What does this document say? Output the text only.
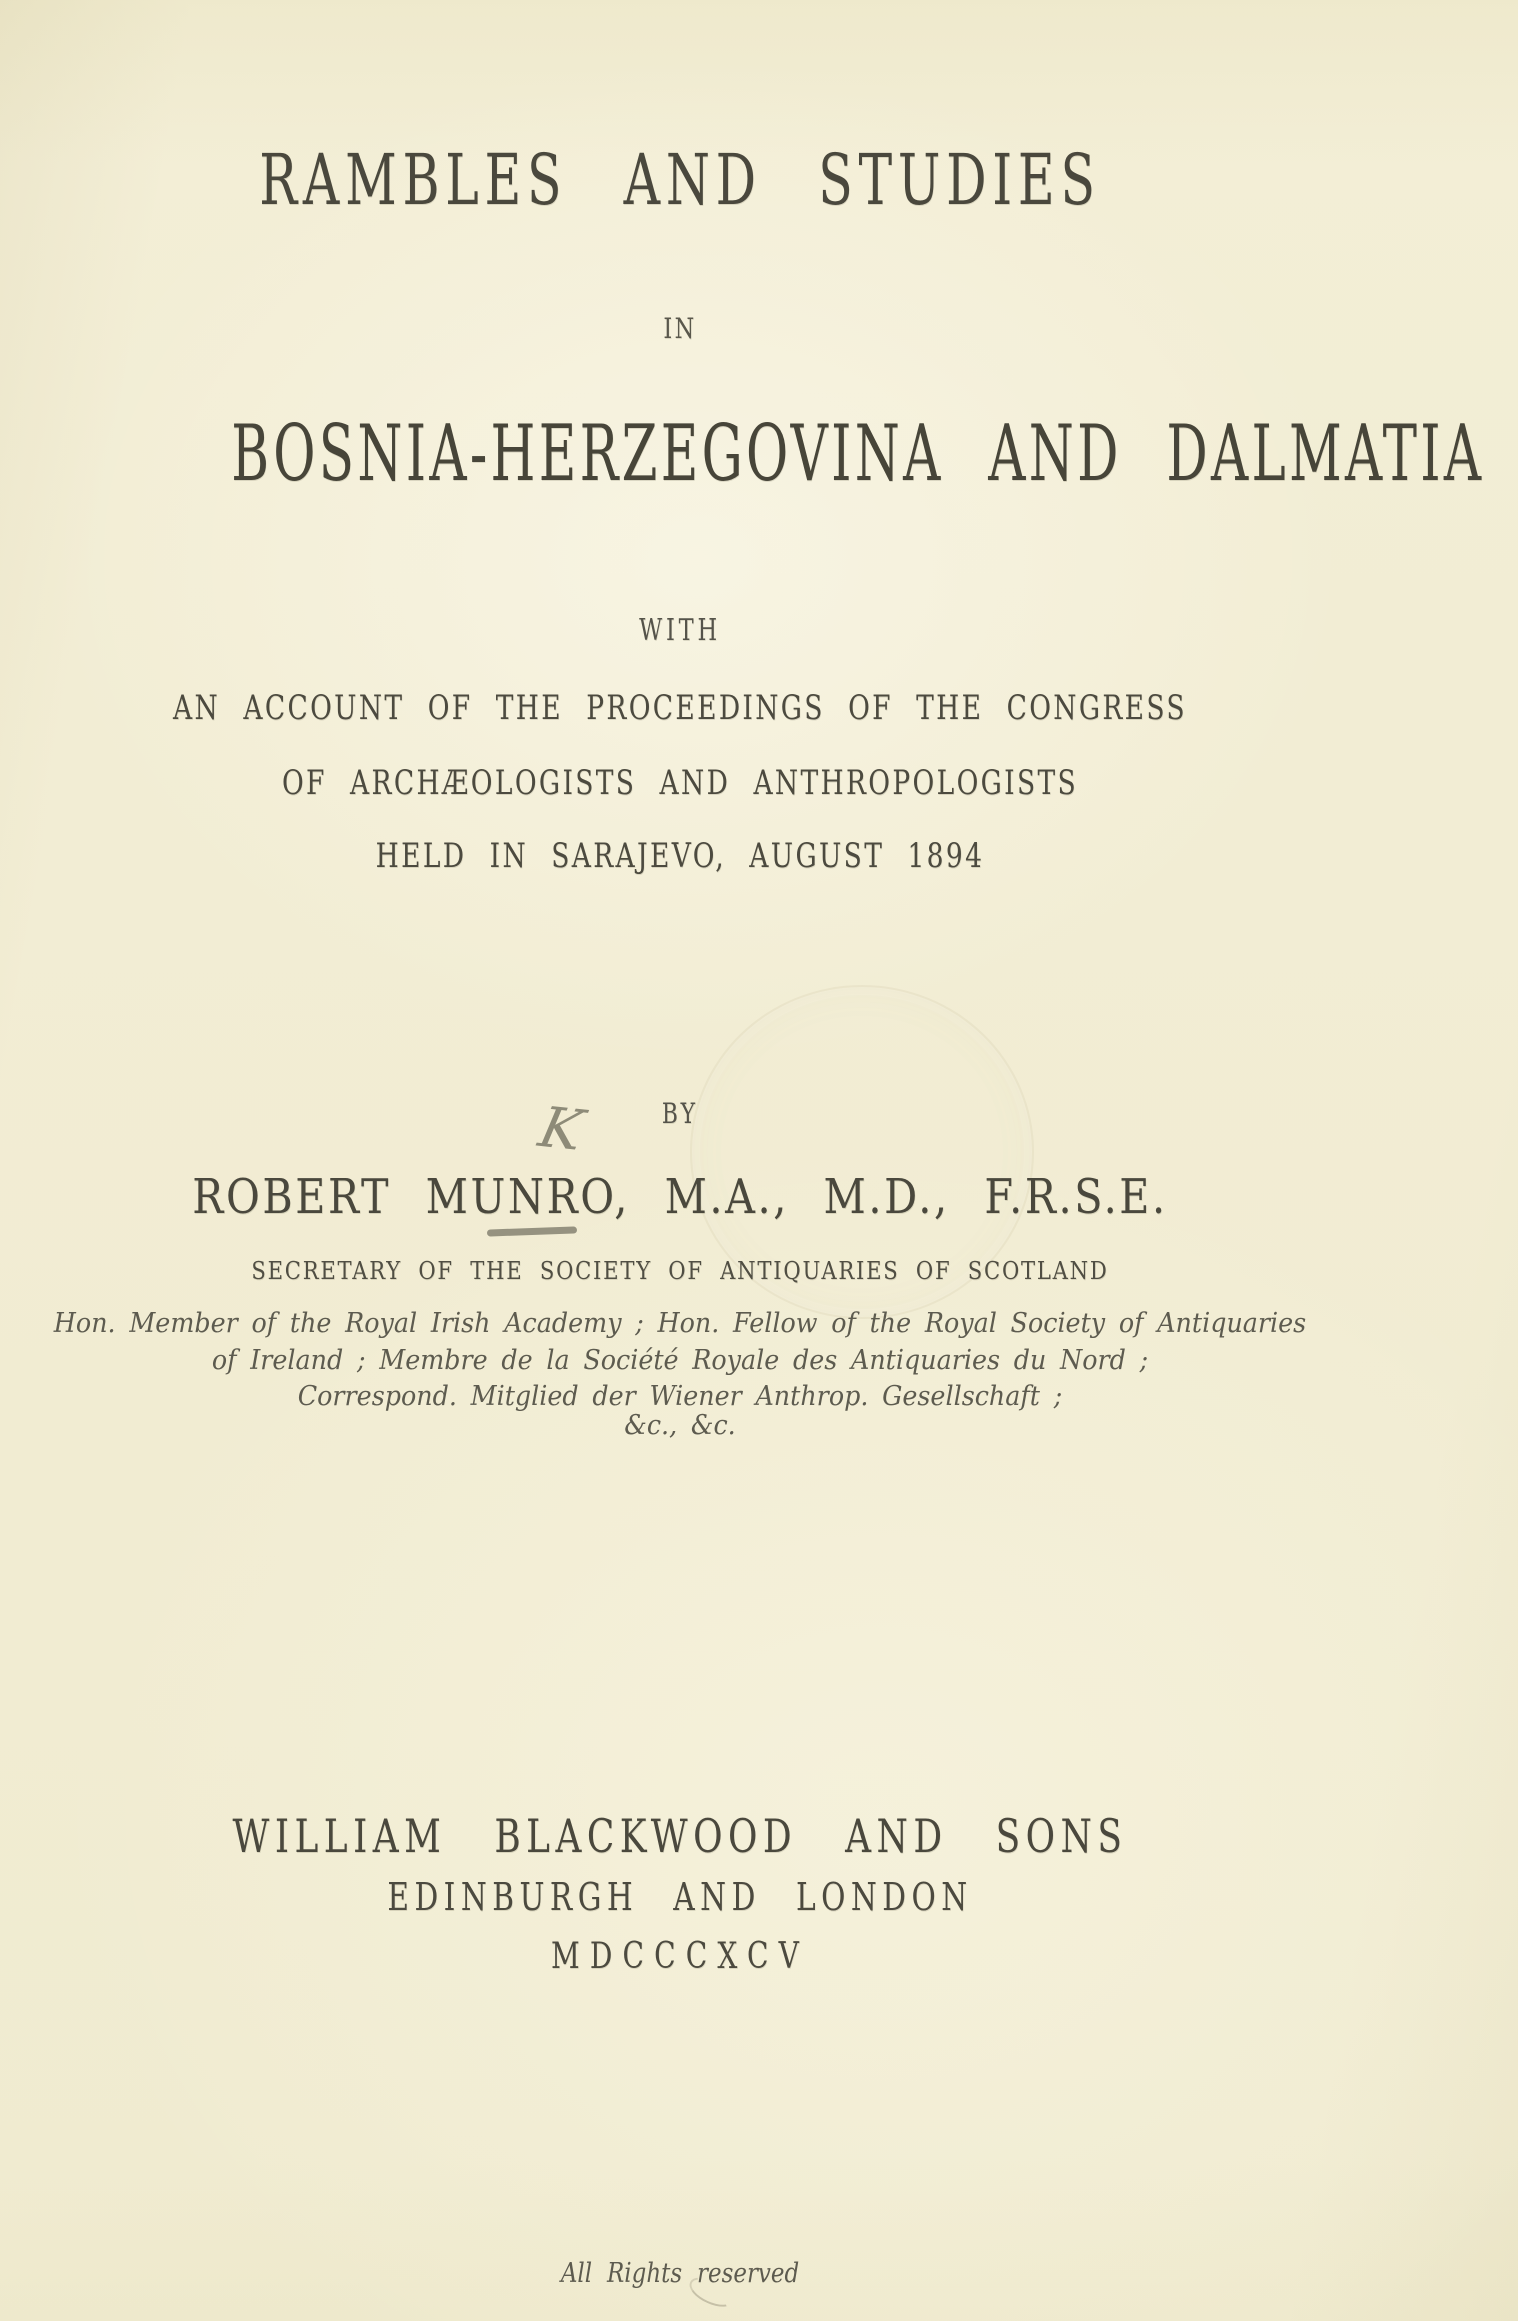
RAMBLES AND STUDIES
IN
BOSNIA-HERZEGOVINA AND DALMATIA
WITH
AN ACCOUNT OF THE PROCEEDINGS OF THE CONGRESS
OF ARCHÆOLOGISTS AND ANTHROPOLOGISTS
HELD IN SARAJEVO, AUGUST 1894
BY
K
ROBERT MUNRO, M.A., M.D., F.R.S.E.
SECRETARY OF THE SOCIETY OF ANTIQUARIES OF SCOTLAND
Hon. Member of the Royal Irish Academy ; Hon. Fellow of the Royal Society of Antiquaries
of Ireland ; Membre de la Société Royale des Antiquaries du Nord ;
Correspond. Mitglied der Wiener Anthrop. Gesellschaft ;
&c., &c.
WILLIAM BLACKWOOD AND SONS
EDINBURGH AND LONDON
MDCCCXCV
All Rights reserved
